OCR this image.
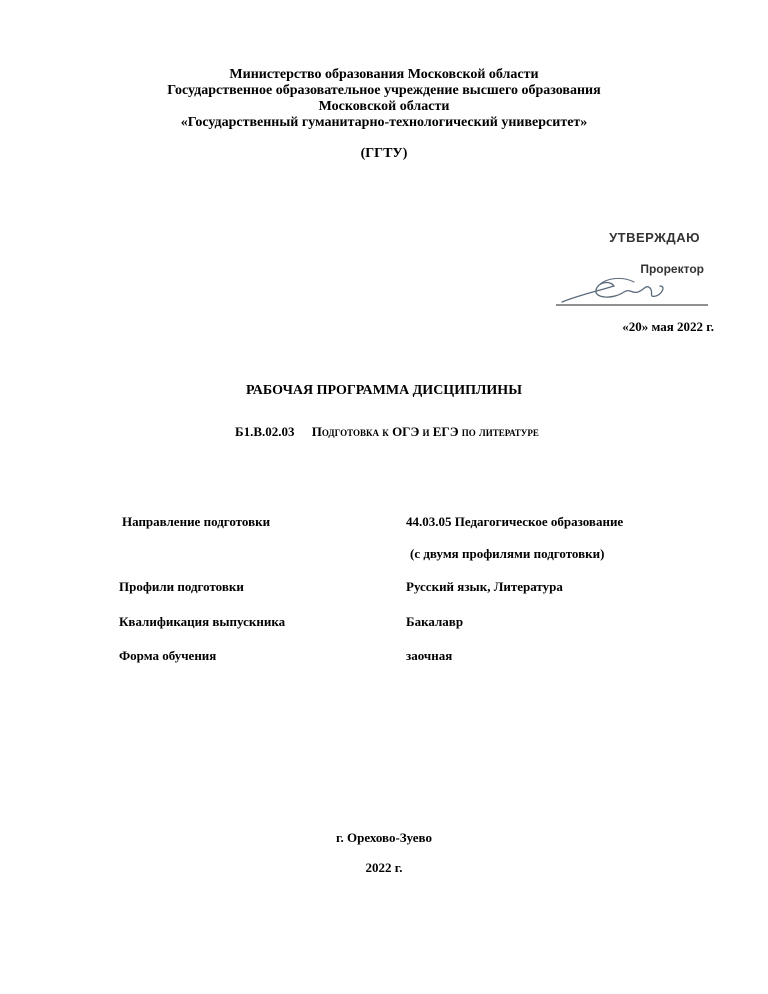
Министерство образования Московской области
Государственное образовательное учреждение высшего образования
Московской области
«Государственный гуманитарно-технологический университет»
(ГГТУ)
УТВЕРЖДАЮ
Проректор
«20» мая 2022 г.
РАБОЧАЯ ПРОГРАММА ДИСЦИПЛИНЫ
Б1.В.02.03 Подготовка к ОГЭ и ЕГЭ по литературе
Направление подготовки	44.03.05 Педагогическое образование
(с двумя профилями подготовки)
Профили подготовки	Русский язык, Литература
Квалификация выпускника	Бакалавр
Форма обучения	заочная
г. Орехово-Зуево
2022 г.
